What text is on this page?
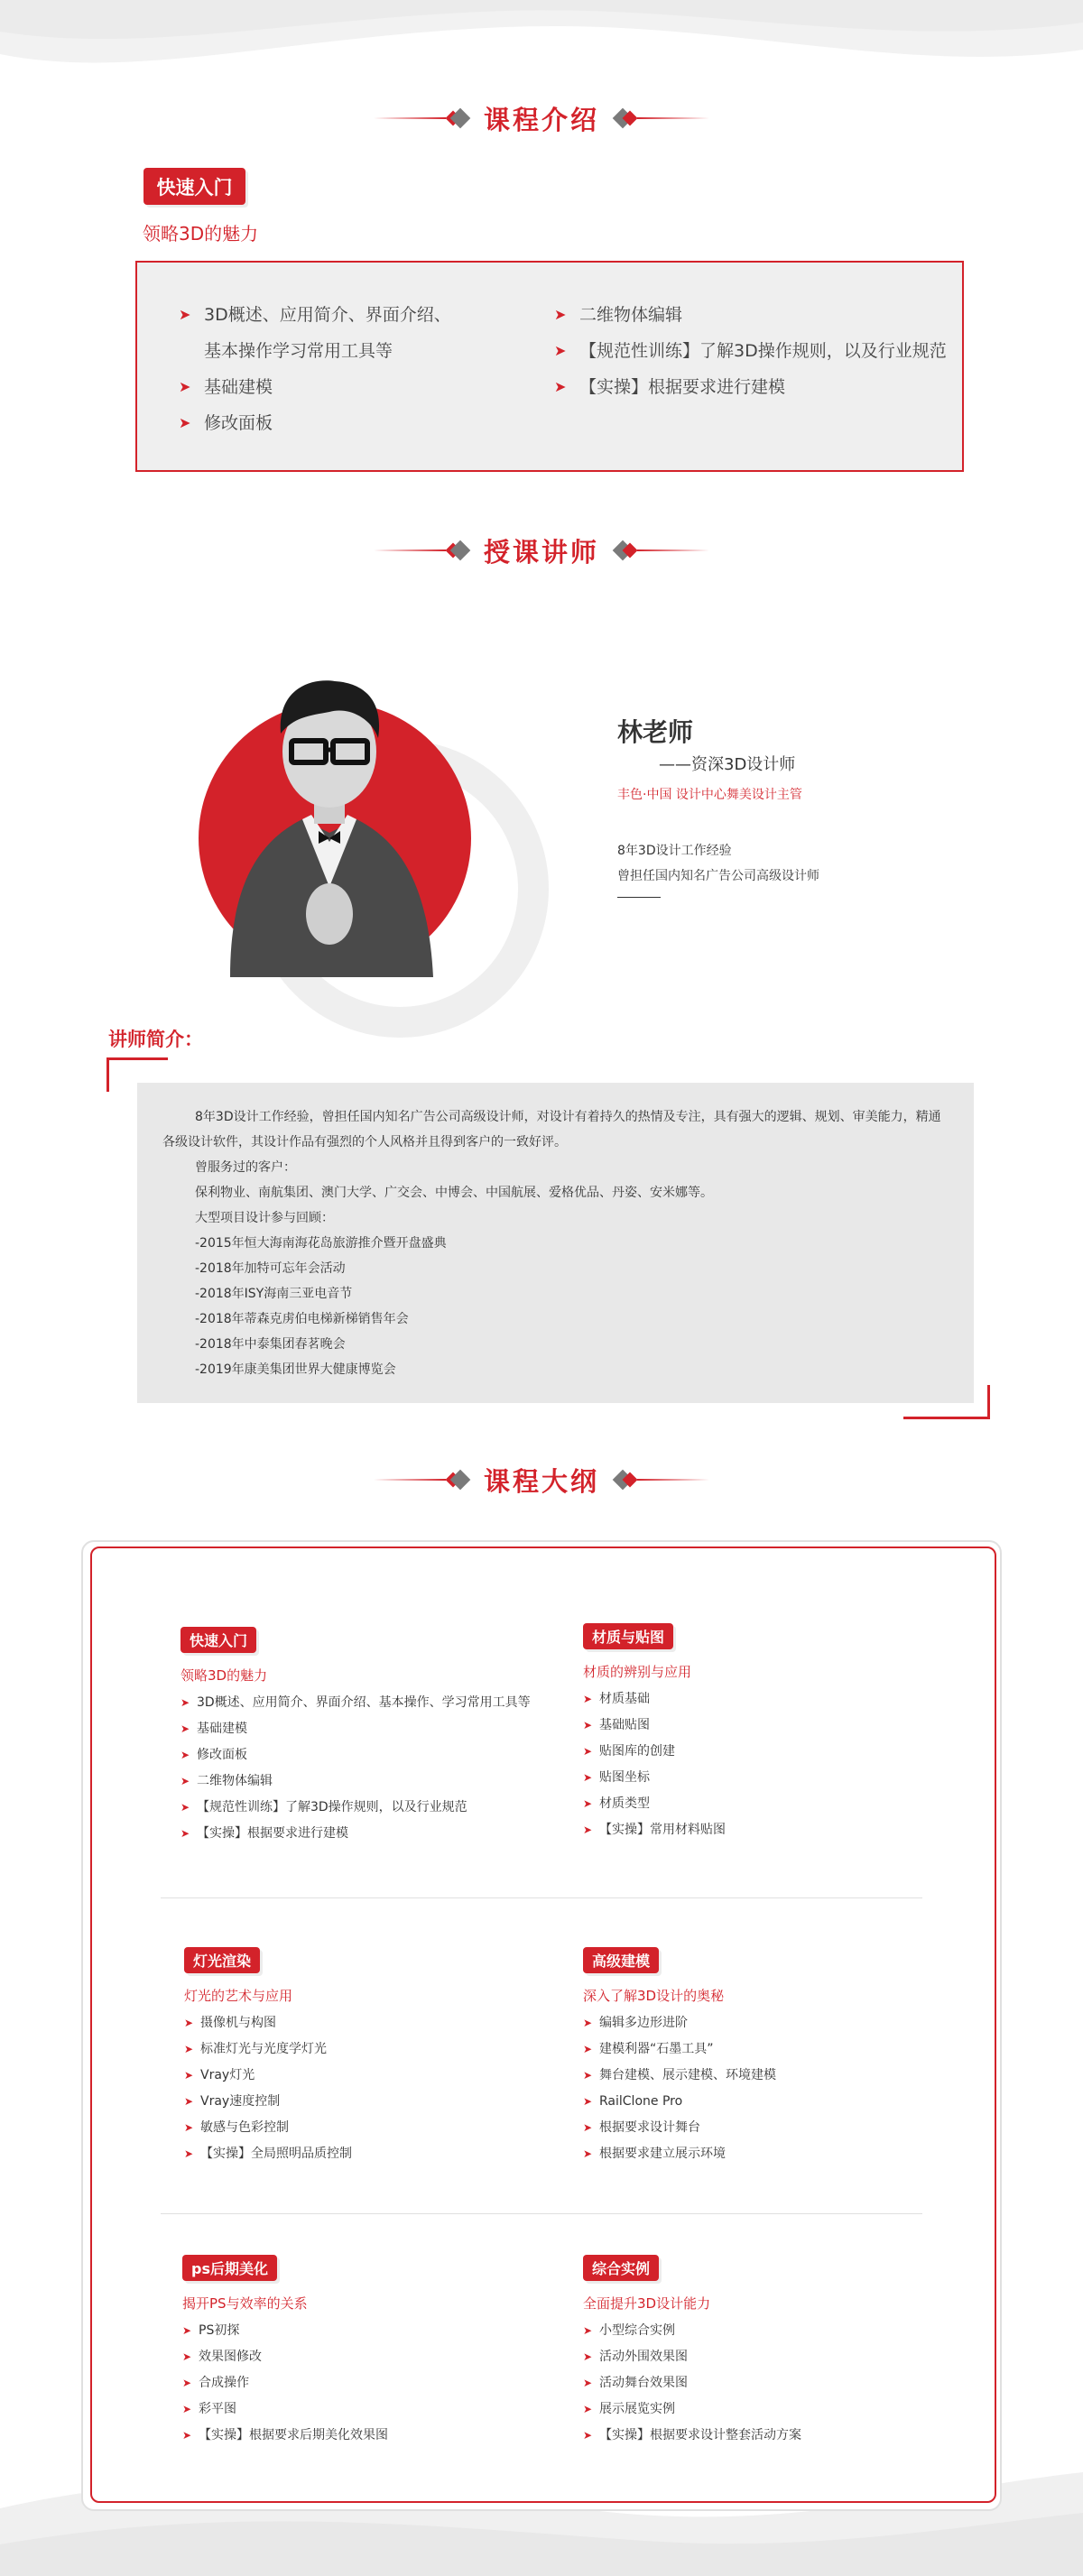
课程介绍
快速入门
领略3D的魅力
➤ 3D概述、应用简介、界面介绍、
基本操作学习常用工具等
➤ 基础建模
➤ 修改面板
➤ 二维物体编辑
➤ 【规范性训练】了解3D操作规则，以及行业规范
➤ 【实操】根据要求进行建模
授课讲师
林老师
——资深3D设计师
丰色·中国 设计中心舞美设计主管
8年3D设计工作经验
曾担任国内知名广告公司高级设计师
讲师简介：

8年3D设计工作经验，曾担任国内知名广告公司高级设计师，对设计有着持久的热情及专注，具有强大的逻辑、规划、审美能力，精通各级设计软件，其设计作品有强烈的个人风格并且得到客户的一致好评。

曾服务过的客户：

保利物业、南航集团、澳门大学、广交会、中博会、中国航展、爱格优品、丹姿、安米娜等。

大型项目设计参与回顾：

-2015年恒大海南海花岛旅游推介暨开盘盛典

-2018年加特可忘年会活动

-2018年ISY海南三亚电音节

-2018年蒂森克虏伯电梯新梯销售年会

-2018年中泰集团春茗晚会

-2019年康美集团世界大健康博览会

课程大纲
快速入门
领略3D的魅力
➤ 3D概述、应用简介、界面介绍、基本操作、学习常用工具等
➤ 基础建模
➤ 修改面板
➤ 二维物体编辑
➤ 【规范性训练】了解3D操作规则，以及行业规范
➤ 【实操】根据要求进行建模
材质与贴图
材质的辨别与应用
➤ 材质基础
➤ 基础贴图
➤ 贴图库的创建
➤ 贴图坐标
➤ 材质类型
➤ 【实操】常用材料贴图
灯光渲染
灯光的艺术与应用
➤ 摄像机与构图
➤ 标准灯光与光度学灯光
➤ Vray灯光
➤ Vray速度控制
➤ 敏感与色彩控制
➤ 【实操】全局照明品质控制
高级建模
深入了解3D设计的奥秘
➤ 编辑多边形进阶
➤ 建模利器“石墨工具”
➤ 舞台建模、展示建模、环境建模
➤ RailClone Pro
➤ 根据要求设计舞台
➤ 根据要求建立展示环境
ps后期美化
揭开PS与效率的关系
➤ PS初探
➤ 效果图修改
➤ 合成操作
➤ 彩平图
➤ 【实操】根据要求后期美化效果图
综合实例
全面提升3D设计能力
➤ 小型综合实例
➤ 活动外围效果图
➤ 活动舞台效果图
➤ 展示展览实例
➤ 【实操】根据要求设计整套活动方案
